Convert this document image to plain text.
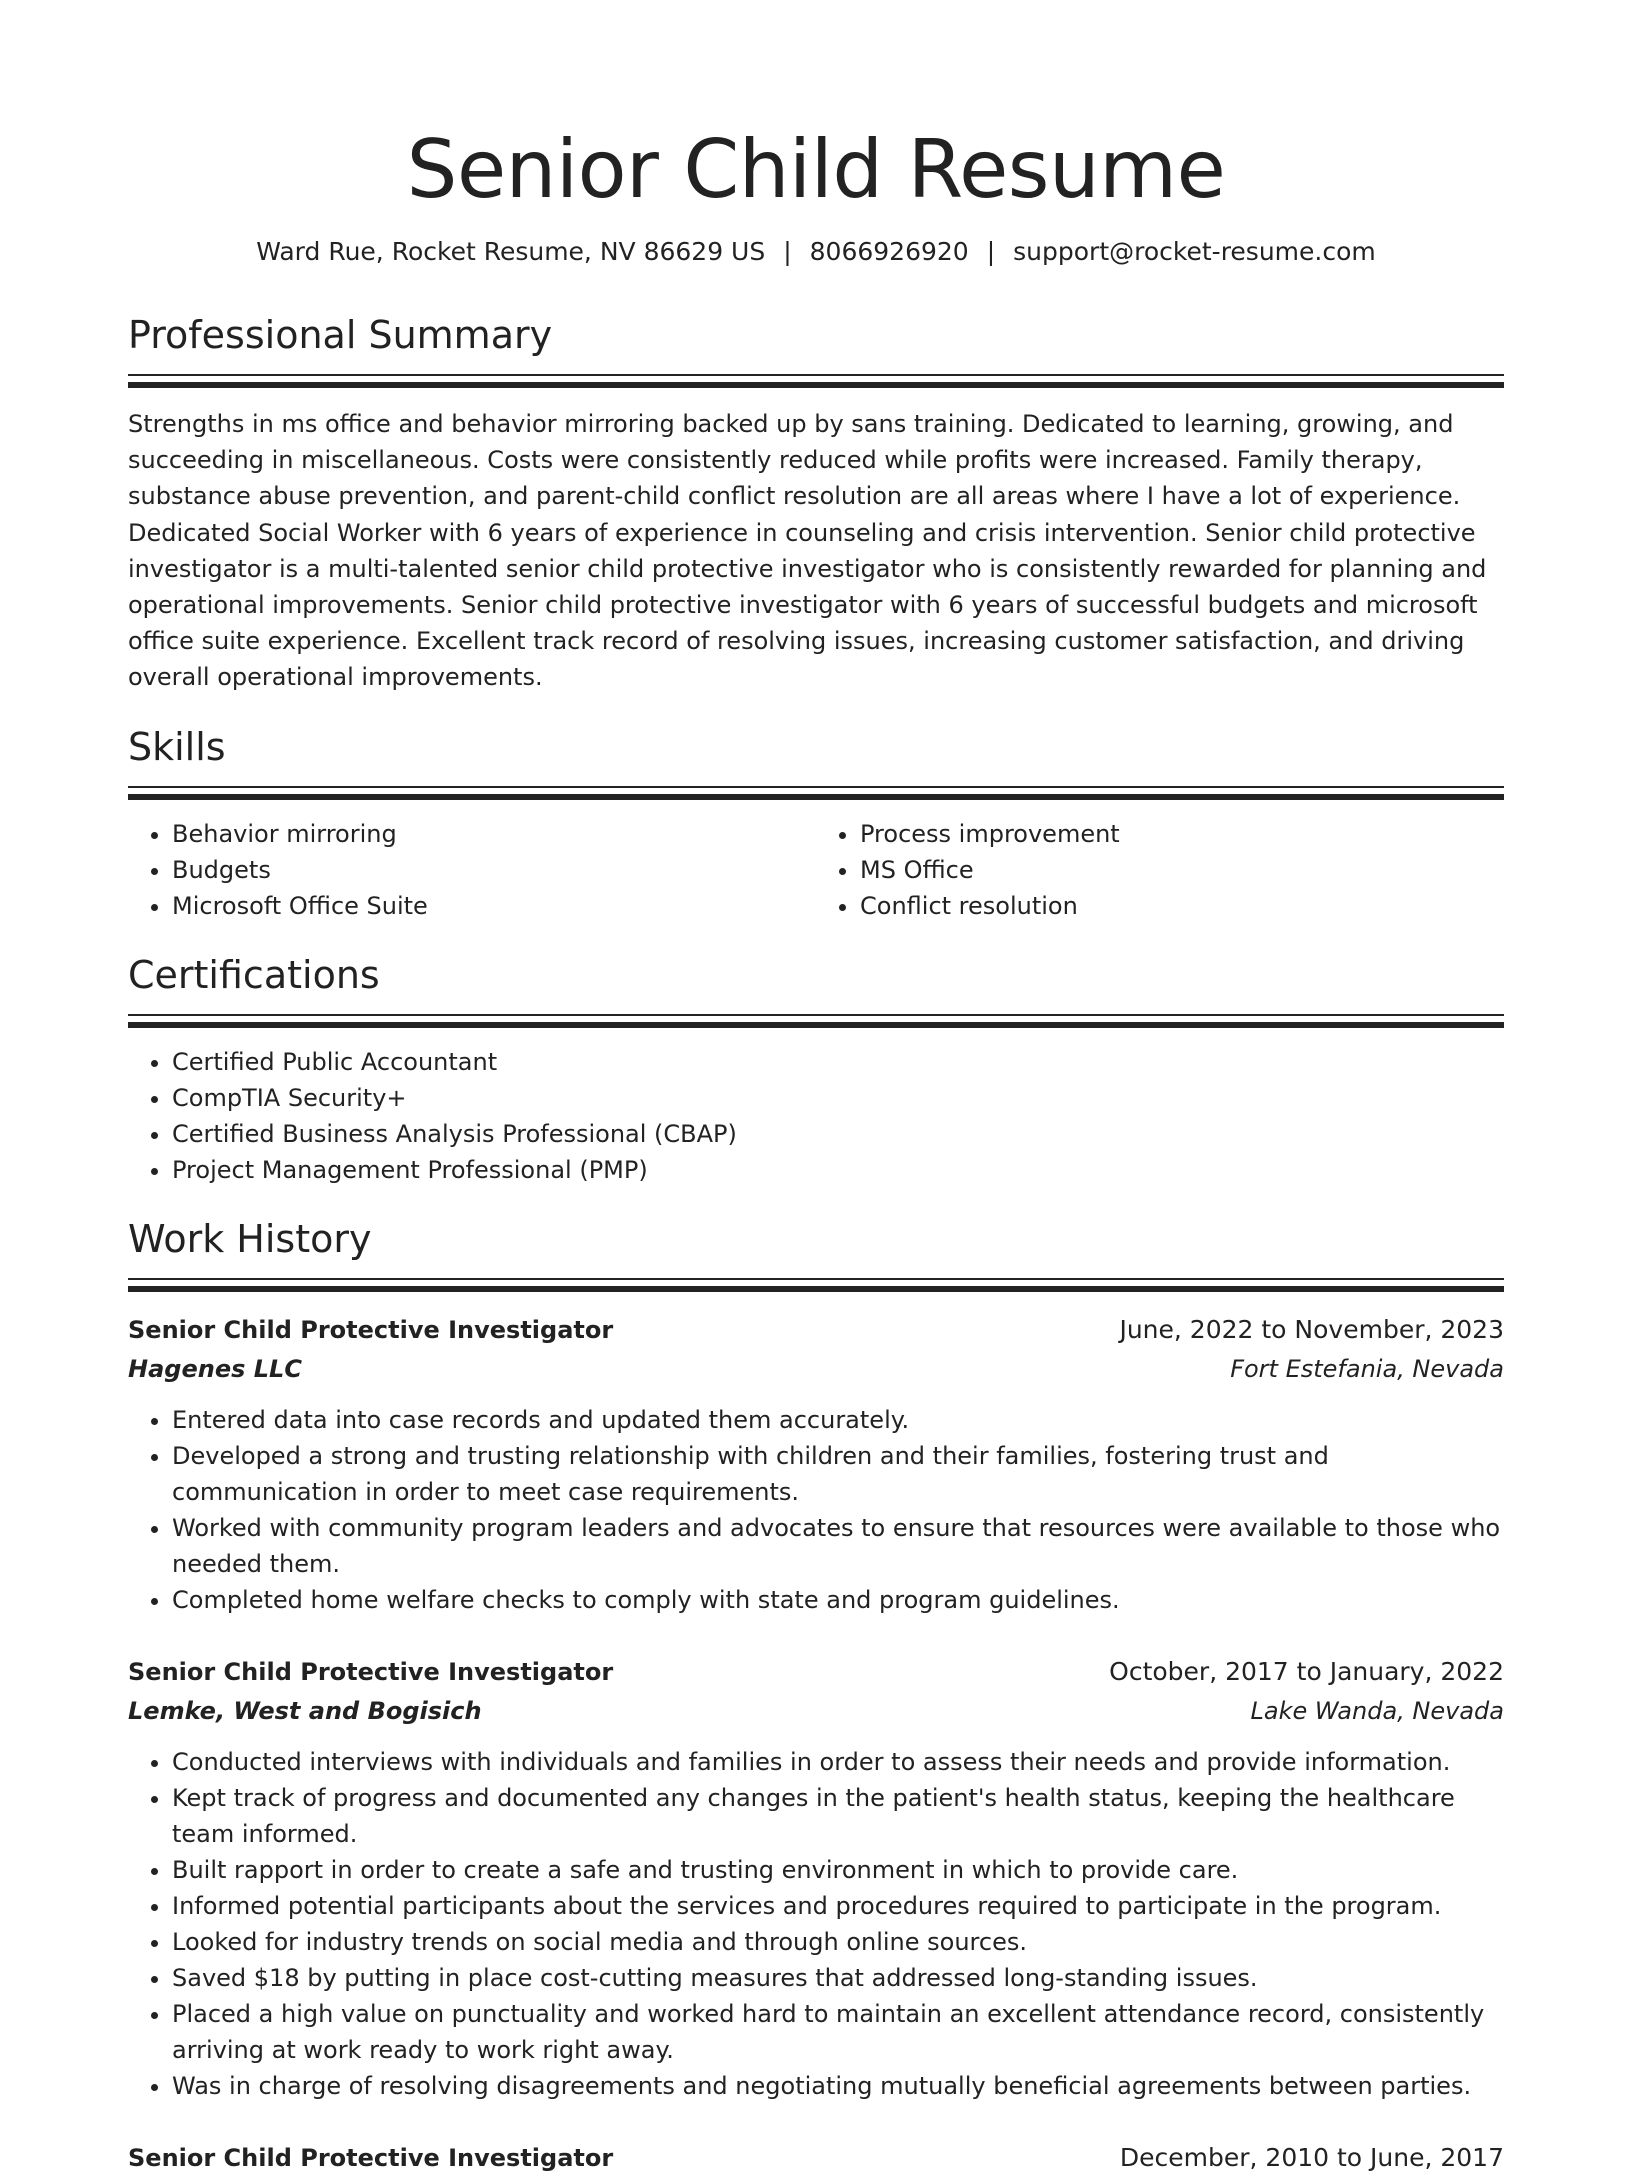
Senior Child Resume
Ward Rue, Rocket Resume, NV 86629 US | 8066926920 | support@rocket-resume.com
Professional Summary
Strengths in ms office and behavior mirroring backed up by sans training. Dedicated to learning, growing, and succeeding in miscellaneous. Costs were consistently reduced while profits were increased. Family therapy, substance abuse prevention, and parent-child conflict resolution are all areas where I have a lot of experience. Dedicated Social Worker with 6 years of experience in counseling and crisis intervention. Senior child protective investigator is a multi-talented senior child protective investigator who is consistently rewarded for planning and operational improvements. Senior child protective investigator with 6 years of successful budgets and microsoft office suite experience. Excellent track record of resolving issues, increasing customer satisfaction, and driving overall operational improvements.
Skills
• Behavior mirroring
• Budgets
• Microsoft Office Suite
• Process improvement
• MS Office
• Conflict resolution
Certifications
• Certified Public Accountant
• CompTIA Security+
• Certified Business Analysis Professional (CBAP)
• Project Management Professional (PMP)
Work History
Senior Child Protective Investigator	June, 2022 to November, 2023
Hagenes LLC	Fort Estefania, Nevada
• Entered data into case records and updated them accurately.
• Developed a strong and trusting relationship with children and their families, fostering trust and communication in order to meet case requirements.
• Worked with community program leaders and advocates to ensure that resources were available to those who needed them.
• Completed home welfare checks to comply with state and program guidelines.
Senior Child Protective Investigator	October, 2017 to January, 2022
Lemke, West and Bogisich	Lake Wanda, Nevada
• Conducted interviews with individuals and families in order to assess their needs and provide information.
• Kept track of progress and documented any changes in the patient's health status, keeping the healthcare team informed.
• Built rapport in order to create a safe and trusting environment in which to provide care.
• Informed potential participants about the services and procedures required to participate in the program.
• Looked for industry trends on social media and through online sources.
• Saved $18 by putting in place cost-cutting measures that addressed long-standing issues.
• Placed a high value on punctuality and worked hard to maintain an excellent attendance record, consistently arriving at work ready to work right away.
• Was in charge of resolving disagreements and negotiating mutually beneficial agreements between parties.
Senior Child Protective Investigator	December, 2010 to June, 2017
